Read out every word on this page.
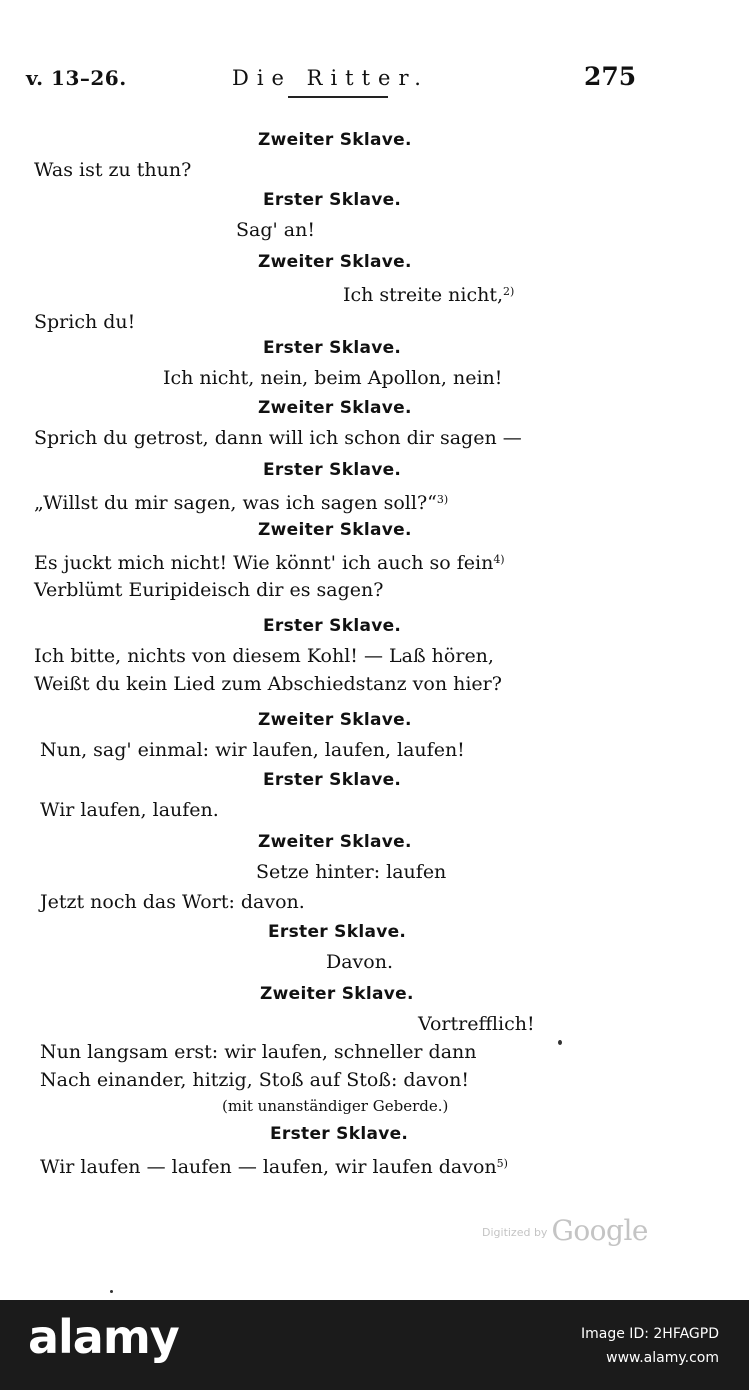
v. 13–26.	Die Ritter.	275
Zweiter Sklave.
Was ist zu thun?
Erster Sklave.
Sag' an!
Zweiter Sklave.
Ich streite nicht,$^{2)}$
Sprich du!
Erster Sklave.
Ich nicht, nein, beim Apollon, nein!
Zweiter Sklave.
Sprich du getrost, dann will ich schon dir sagen —
Erster Sklave.
„Willst du mir sagen, was ich sagen soll?“$^{3)}$
Zweiter Sklave.
Es juckt mich nicht! Wie könnt' ich auch so fein$^{4)}$
Verblümt Euripideisch dir es sagen?
Erster Sklave.
Ich bitte, nichts von diesem Kohl! — Laß hören,
Weißt du kein Lied zum Abschiedstanz von hier?
Zweiter Sklave.
Nun, sag' einmal: wir laufen, laufen, laufen!
Erster Sklave.
Wir laufen, laufen.
Zweiter Sklave.
Setze hinter: laufen
Jetzt noch das Wort: davon.
Erster Sklave.
Davon.
Zweiter Sklave.
Vortrefflich!
Nun langsam erst: wir laufen, schneller dann
Nach einander, hitzig, Stoß auf Stoß: davon!
(mit unanständiger Geberde.)
Erster Sklave.
Wir laufen — laufen — laufen, wir laufen davon$^{5)}$
$^{Digitized by}$ Google
alamy	Image ID: 2HFAGPD
www.alamy.com
